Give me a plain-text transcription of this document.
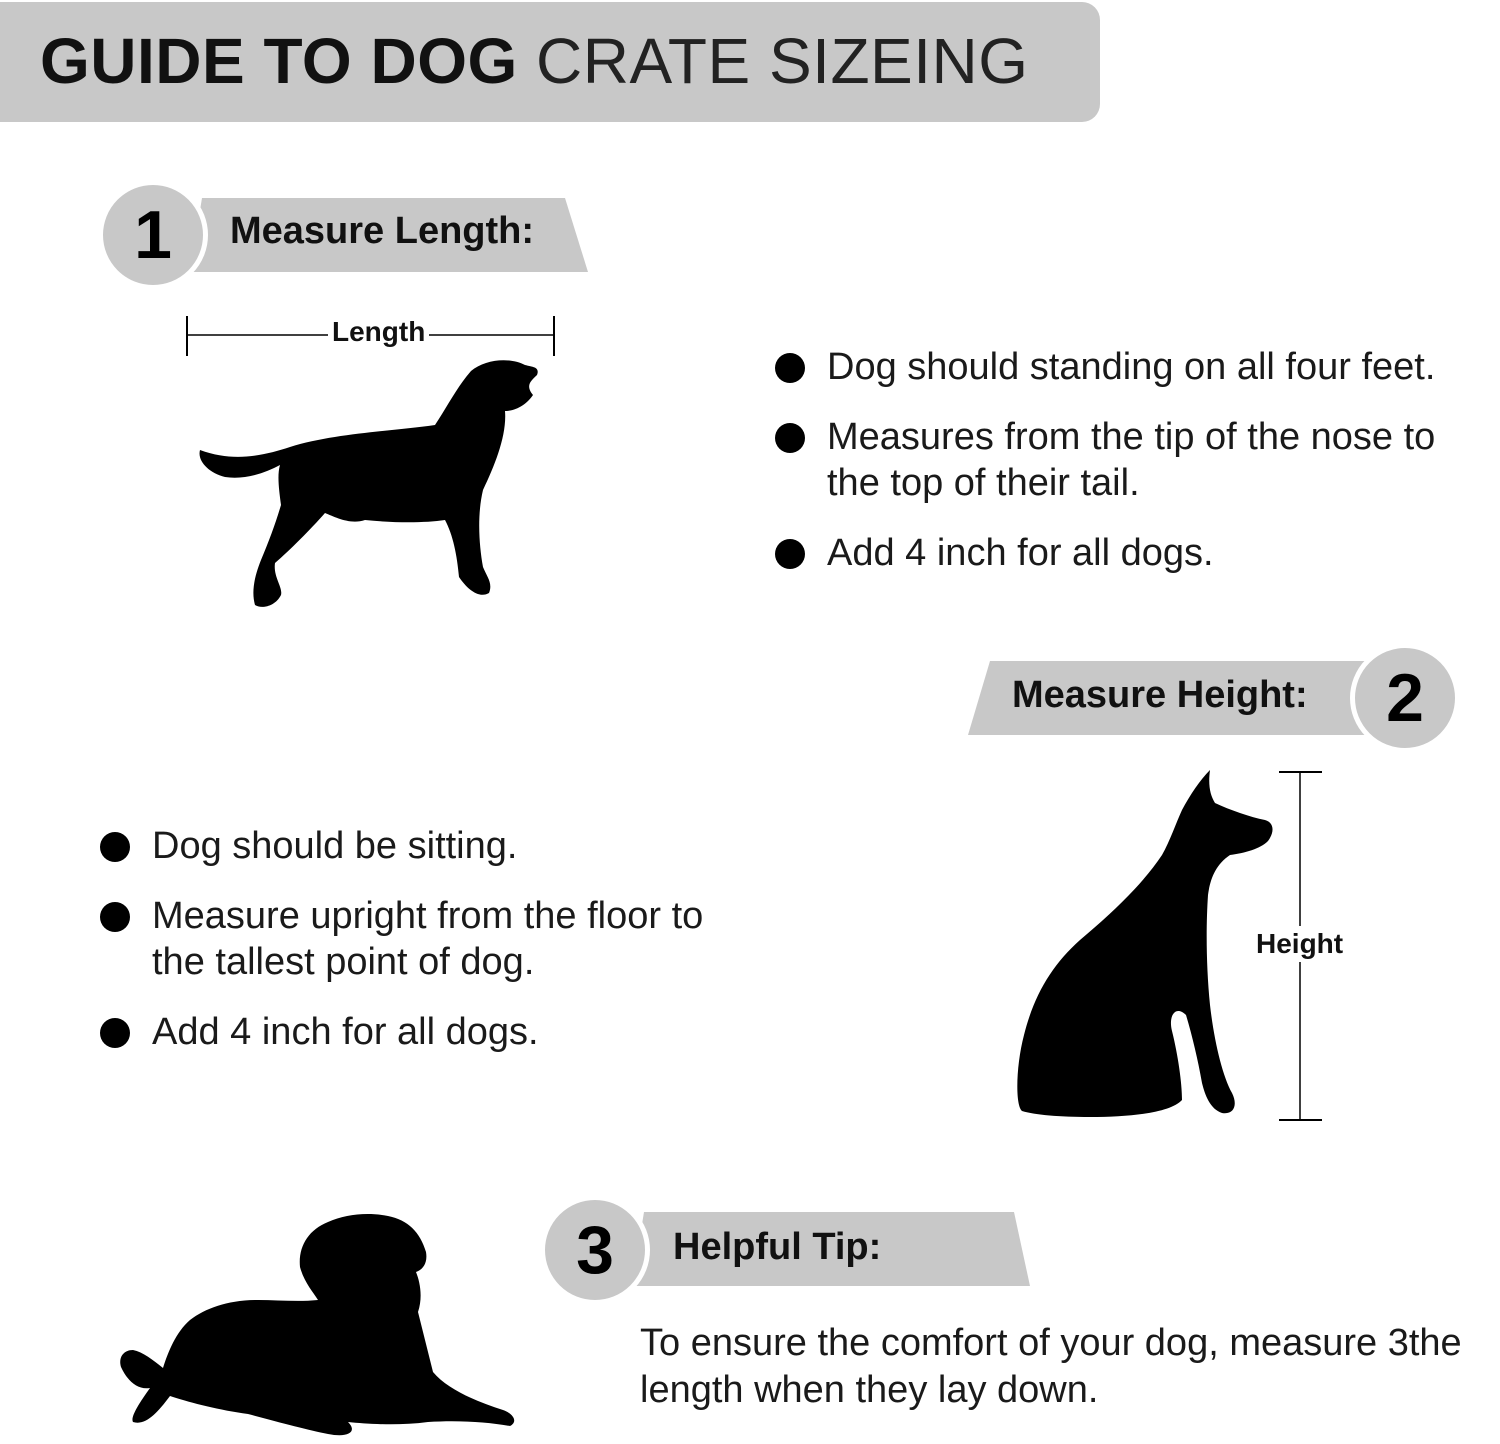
GUIDE TO DOG CRATE SIZEING
1 Measure Length:
Length
Dog should standing on all four feet.
Measures from the tip of the nose to the top of their tail.
Add 4 inch for all dogs.
2
Measure Height:
Dog should be sitting.
Measure upright from the floor to the tallest point of dog.
Add 4 inch for all dogs.
Height
3 Helpful Tip:
To ensure the comfort of your dog, measure 3the length when they lay down.
